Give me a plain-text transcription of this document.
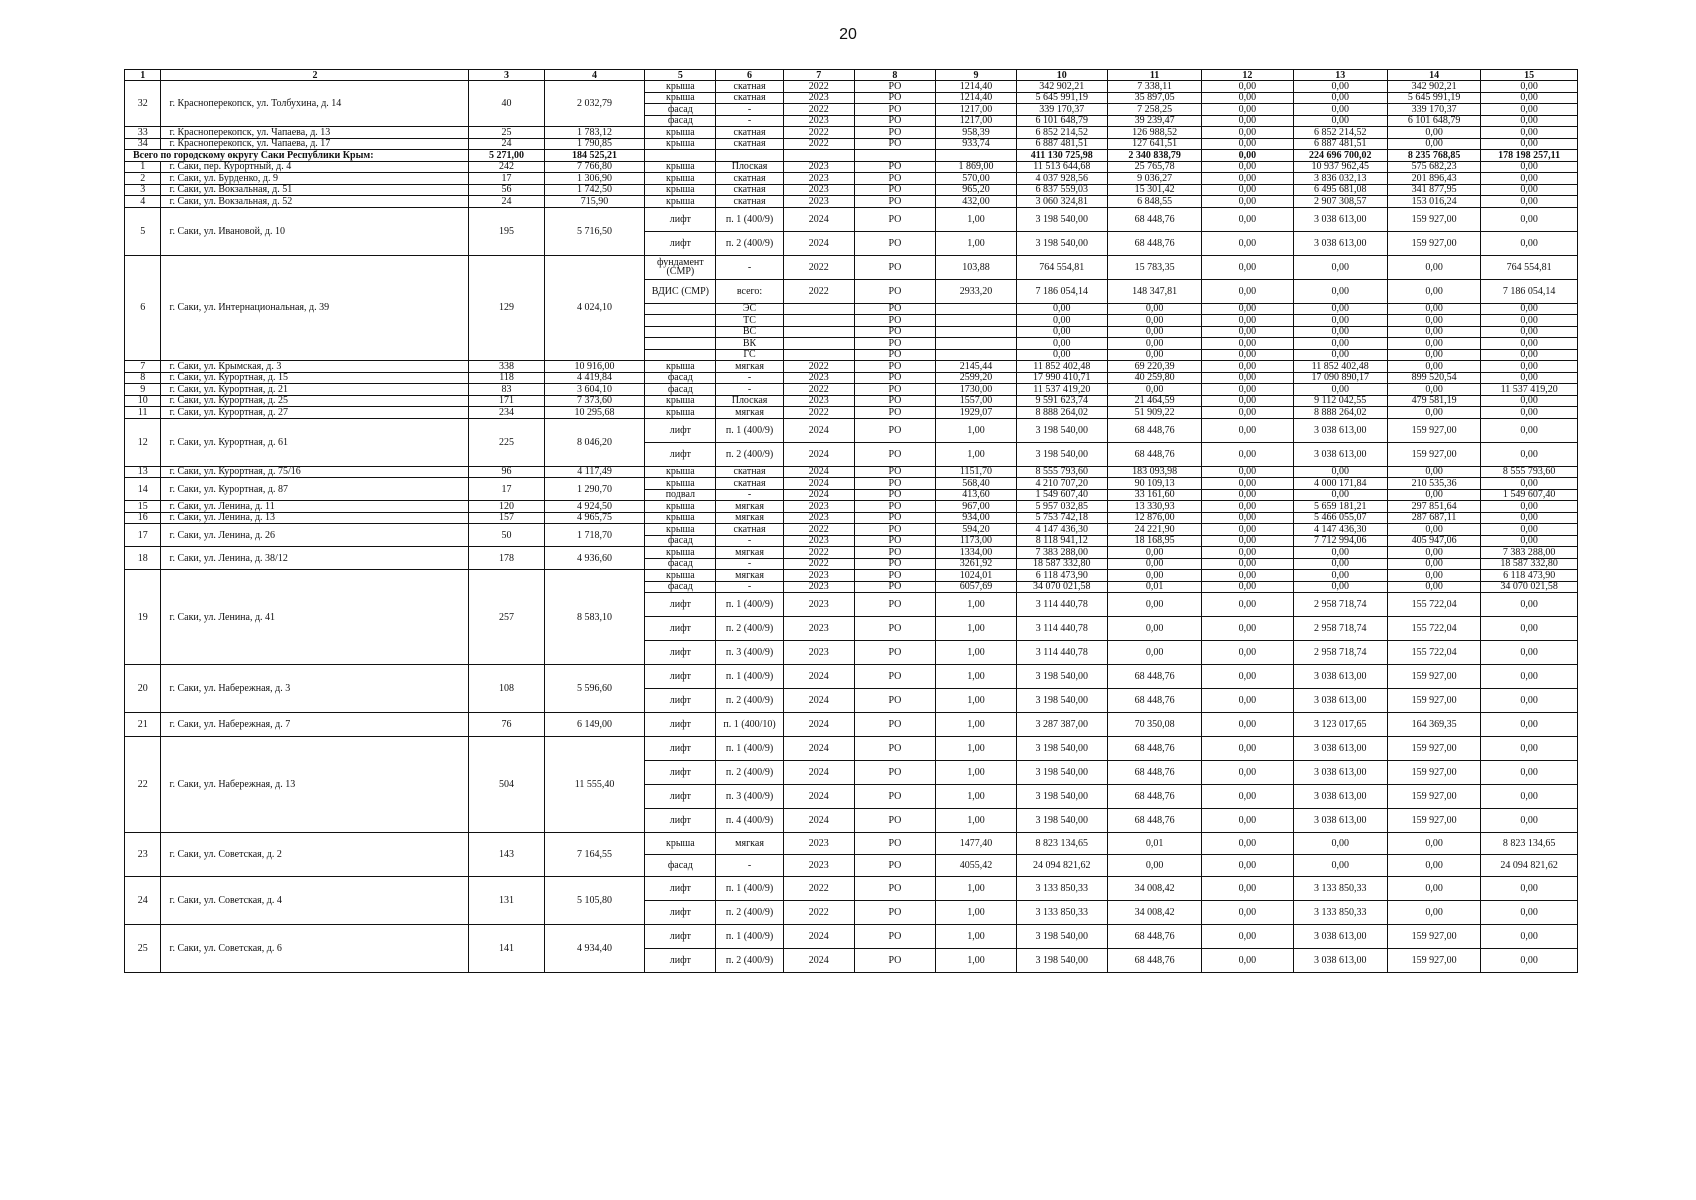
20
1	2	3	4	5	6	7	8	9	10	11	12	13	14	15
32	г. Красноперекопск, ул. Толбухина, д. 14	40	2 032,79	крыша	скатная	2022	РО	1214,40	342 902,21	7 338,11	0,00	0,00	342 902,21	0,00
				крыша	скатная	2023	РО	1214,40	5 645 991,19	35 897,05	0,00	0,00	5 645 991,19	0,00
				фасад	-	2022	РО	1217,00	339 170,37	7 258,25	0,00	0,00	339 170,37	0,00
				фасад	-	2023	РО	1217,00	6 101 648,79	39 239,47	0,00	0,00	6 101 648,79	0,00
33	г. Красноперекопск, ул. Чапаева, д. 13	25	1 783,12	крыша	скатная	2022	РО	958,39	6 852 214,52	126 988,52	0,00	6 852 214,52	0,00	0,00
34	г. Красноперекопск, ул. Чапаева, д. 17	24	1 790,85	крыша	скатная	2022	РО	933,74	6 887 481,51	127 641,51	0,00	6 887 481,51	0,00	0,00
Всего по городскому округу Саки Республики Крым:		5 271,00	184 525,21						411 130 725,98	2 340 838,79	0,00	224 696 700,02	8 235 768,85	178 198 257,11
1	г. Саки, пер. Курортный, д. 4	242	7 766,80	крыша	Плоская	2023	РО	1 869,00	11 513 644,68	25 765,78	0,00	10 937 962,45	575 682,23	0,00
2	г. Саки, ул. Бурденко, д. 9	17	1 306,90	крыша	скатная	2023	РО	570,00	4 037 928,56	9 036,27	0,00	3 836 032,13	201 896,43	0,00
3	г. Саки, ул. Вокзальная, д. 51	56	1 742,50	крыша	скатная	2023	РО	965,20	6 837 559,03	15 301,42	0,00	6 495 681,08	341 877,95	0,00
4	г. Саки, ул. Вокзальная, д. 52	24	715,90	крыша	скатная	2023	РО	432,00	3 060 324,81	6 848,55	0,00	2 907 308,57	153 016,24	0,00
5	г. Саки, ул. Ивановой, д. 10	195	5 716,50	лифт	п. 1 (400/9)	2024	РО	1,00	3 198 540,00	68 448,76	0,00	3 038 613,00	159 927,00	0,00
				лифт	п. 2 (400/9)	2024	РО	1,00	3 198 540,00	68 448,76	0,00	3 038 613,00	159 927,00	0,00
6	г. Саки, ул. Интернациональная, д. 39	129	4 024,10	фундамент (СМР)	-	2022	РО	103,88	764 554,81	15 783,35	0,00	0,00	0,00	764 554,81
				ВДИС (СМР)	всего:	2022	РО	2933,20	7 186 054,14	148 347,81	0,00	0,00	0,00	7 186 054,14
					ЭС		РО		0,00	0,00	0,00	0,00	0,00	0,00
					ТС		РО		0,00	0,00	0,00	0,00	0,00	0,00
					ВС		РО		0,00	0,00	0,00	0,00	0,00	0,00
					ВК		РО		0,00	0,00	0,00	0,00	0,00	0,00
					ГС		РО		0,00	0,00	0,00	0,00	0,00	0,00
7	г. Саки, ул. Крымская, д. 3	338	10 916,00	крыша	мягкая	2022	РО	2145,44	11 852 402,48	69 220,39	0,00	11 852 402,48	0,00	0,00
8	г. Саки, ул. Курортная, д. 15	118	4 419,84	фасад	-	2023	РО	2599,20	17 990 410,71	40 259,80	0,00	17 090 890,17	899 520,54	0,00
9	г. Саки, ул. Курортная, д. 21	83	3 604,10	фасад	-	2022	РО	1730,00	11 537 419,20	0,00	0,00	0,00	0,00	11 537 419,20
10	г. Саки, ул. Курортная, д. 25	171	7 373,60	крыша	Плоская	2023	РО	1557,00	9 591 623,74	21 464,59	0,00	9 112 042,55	479 581,19	0,00
11	г. Саки, ул. Курортная, д. 27	234	10 295,68	крыша	мягкая	2022	РО	1929,07	8 888 264,02	51 909,22	0,00	8 888 264,02	0,00	0,00
12	г. Саки, ул. Курортная, д. 61	225	8 046,20	лифт	п. 1 (400/9)	2024	РО	1,00	3 198 540,00	68 448,76	0,00	3 038 613,00	159 927,00	0,00
				лифт	п. 2 (400/9)	2024	РО	1,00	3 198 540,00	68 448,76	0,00	3 038 613,00	159 927,00	0,00
13	г. Саки, ул. Курортная, д. 75/16	96	4 117,49	крыша	скатная	2024	РО	1151,70	8 555 793,60	183 093,98	0,00	0,00	0,00	8 555 793,60
14	г. Саки, ул. Курортная, д. 87	17	1 290,70	крыша	скатная	2024	РО	568,40	4 210 707,20	90 109,13	0,00	4 000 171,84	210 535,36	0,00
				подвал	-	2024	РО	413,60	1 549 607,40	33 161,60	0,00	0,00	0,00	1 549 607,40
15	г. Саки, ул. Ленина, д. 11	120	4 924,50	крыша	мягкая	2023	РО	967,00	5 957 032,85	13 330,93	0,00	5 659 181,21	297 851,64	0,00
16	г. Саки, ул. Ленина, д. 13	157	4 965,75	крыша	мягкая	2023	РО	934,00	5 753 742,18	12 876,00	0,00	5 466 055,07	287 687,11	0,00
17	г. Саки, ул. Ленина, д. 26	50	1 718,70	крыша	скатная	2022	РО	594,20	4 147 436,30	24 221,90	0,00	4 147 436,30	0,00	0,00
				фасад	-	2023	РО	1173,00	8 118 941,12	18 168,95	0,00	7 712 994,06	405 947,06	0,00
18	г. Саки, ул. Ленина, д. 38/12	178	4 936,60	крыша	мягкая	2022	РО	1334,00	7 383 288,00	0,00	0,00	0,00	0,00	7 383 288,00
				фасад	-	2022	РО	3261,92	18 587 332,80	0,00	0,00	0,00	0,00	18 587 332,80
19	г. Саки, ул. Ленина, д. 41	257	8 583,10	крыша	мягкая	2023	РО	1024,01	6 118 473,90	0,00	0,00	0,00	0,00	6 118 473,90
				фасад	-	2023	РО	6057,69	34 070 021,58	0,01	0,00	0,00	0,00	34 070 021,58
				лифт	п. 1 (400/9)	2023	РО	1,00	3 114 440,78	0,00	0,00	2 958 718,74	155 722,04	0,00
				лифт	п. 2 (400/9)	2023	РО	1,00	3 114 440,78	0,00	0,00	2 958 718,74	155 722,04	0,00
				лифт	п. 3 (400/9)	2023	РО	1,00	3 114 440,78	0,00	0,00	2 958 718,74	155 722,04	0,00
20	г. Саки, ул. Набережная, д. 3	108	5 596,60	лифт	п. 1 (400/9)	2024	РО	1,00	3 198 540,00	68 448,76	0,00	3 038 613,00	159 927,00	0,00
				лифт	п. 2 (400/9)	2024	РО	1,00	3 198 540,00	68 448,76	0,00	3 038 613,00	159 927,00	0,00
21	г. Саки, ул. Набережная, д. 7	76	6 149,00	лифт	п. 1 (400/10)	2024	РО	1,00	3 287 387,00	70 350,08	0,00	3 123 017,65	164 369,35	0,00
22	г. Саки, ул. Набережная, д. 13	504	11 555,40	лифт	п. 1 (400/9)	2024	РО	1,00	3 198 540,00	68 448,76	0,00	3 038 613,00	159 927,00	0,00
				лифт	п. 2 (400/9)	2024	РО	1,00	3 198 540,00	68 448,76	0,00	3 038 613,00	159 927,00	0,00
				лифт	п. 3 (400/9)	2024	РО	1,00	3 198 540,00	68 448,76	0,00	3 038 613,00	159 927,00	0,00
				лифт	п. 4 (400/9)	2024	РО	1,00	3 198 540,00	68 448,76	0,00	3 038 613,00	159 927,00	0,00
23	г. Саки, ул. Советская, д. 2	143	7 164,55	крыша	мягкая	2023	РО	1477,40	8 823 134,65	0,01	0,00	0,00	0,00	8 823 134,65
				фасад	-	2023	РО	4055,42	24 094 821,62	0,00	0,00	0,00	0,00	24 094 821,62
24	г. Саки, ул. Советская, д. 4	131	5 105,80	лифт	п. 1 (400/9)	2022	РО	1,00	3 133 850,33	34 008,42	0,00	3 133 850,33	0,00	0,00
				лифт	п. 2 (400/9)	2022	РО	1,00	3 133 850,33	34 008,42	0,00	3 133 850,33	0,00	0,00
25	г. Саки, ул. Советская, д. 6	141	4 934,40	лифт	п. 1 (400/9)	2024	РО	1,00	3 198 540,00	68 448,76	0,00	3 038 613,00	159 927,00	0,00
				лифт	п. 2 (400/9)	2024	РО	1,00	3 198 540,00	68 448,76	0,00	3 038 613,00	159 927,00	0,00
